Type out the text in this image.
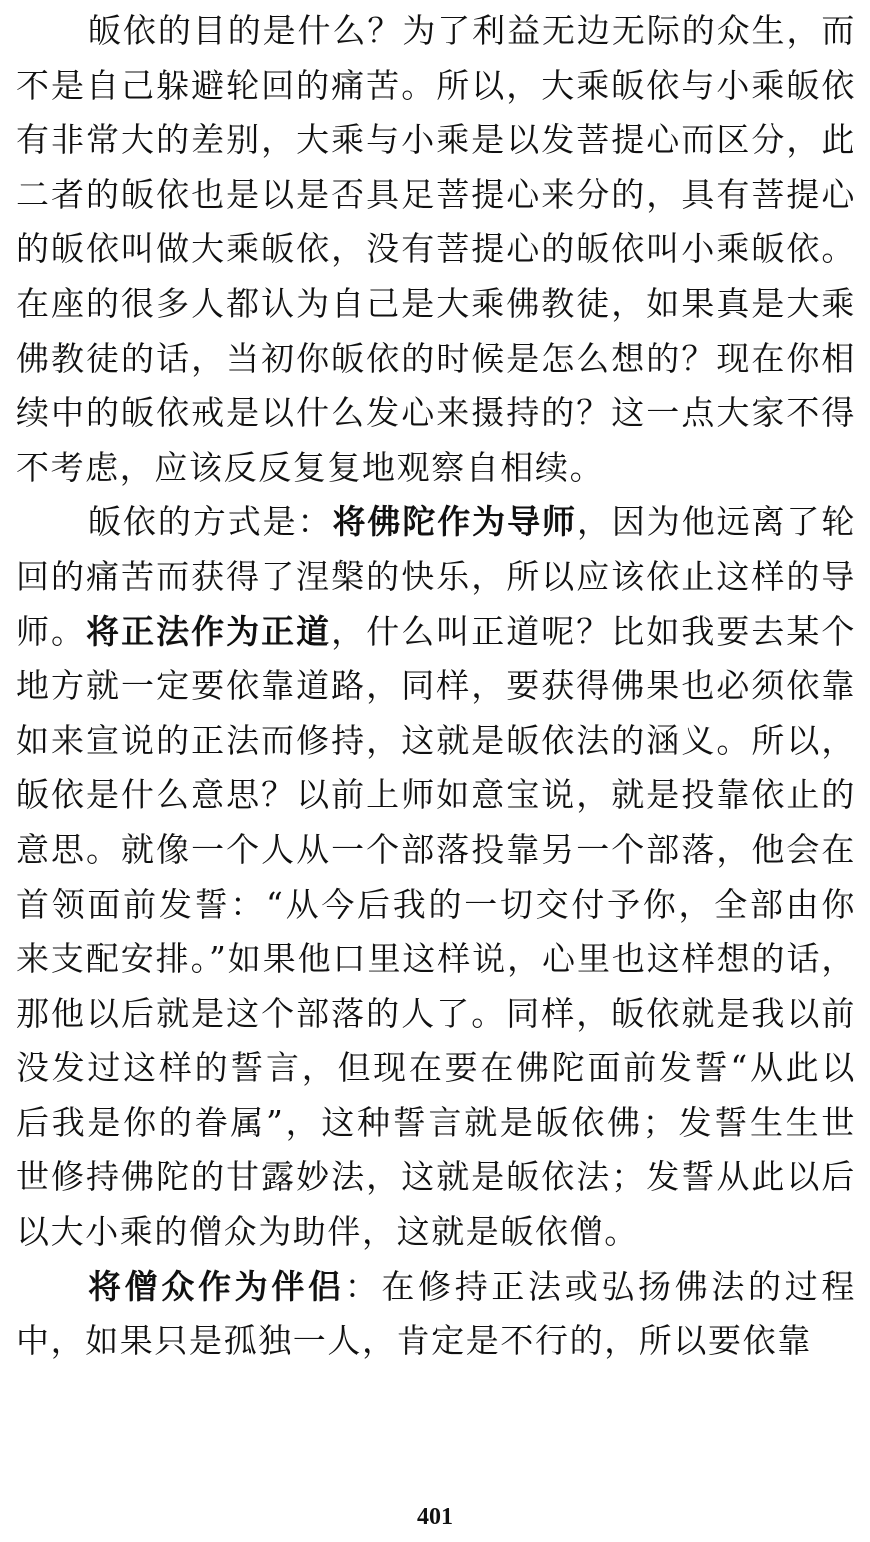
皈依的目的是什么？为了利益无边无际的众生，而不是自己躲避轮回的痛苦。所以，大乘皈依与小乘皈依有非常大的差别，大乘与小乘是以发菩提心而区分，此二者的皈依也是以是否具足菩提心来分的，具有菩提心的皈依叫做大乘皈依，没有菩提心的皈依叫小乘皈依。在座的很多人都认为自己是大乘佛教徒，如果真是大乘佛教徒的话，当初你皈依的时候是怎么想的？现在你相续中的皈依戒是以什么发心来摄持的？这一点大家不得不考虑，应该反反复复地观察自相续。

皈依的方式是：将佛陀作为导师，因为他远离了轮回的痛苦而获得了涅槃的快乐，所以应该依止这样的导师。将正法作为正道，什么叫正道呢？比如我要去某个地方就一定要依靠道路，同样，要获得佛果也必须依靠如来宣说的正法而修持，这就是皈依法的涵义。所以，皈依是什么意思？以前上师如意宝说，就是投靠依止的意思。就像一个人从一个部落投靠另一个部落，他会在首领面前发誓：“从今后我的一切交付予你，全部由你来支配安排。”如果他口里这样说，心里也这样想的话，那他以后就是这个部落的人了。同样，皈依就是我以前没发过这样的誓言，但现在要在佛陀面前发誓“从此以后我是你的眷属”，这种誓言就是皈依佛；发誓生生世世修持佛陀的甘露妙法，这就是皈依法；发誓从此以后以大小乘的僧众为助伴，这就是皈依僧。

将僧众作为伴侣：在修持正法或弘扬佛法的过程中，如果只是孤独一人，肯定是不行的，所以要依靠

401
